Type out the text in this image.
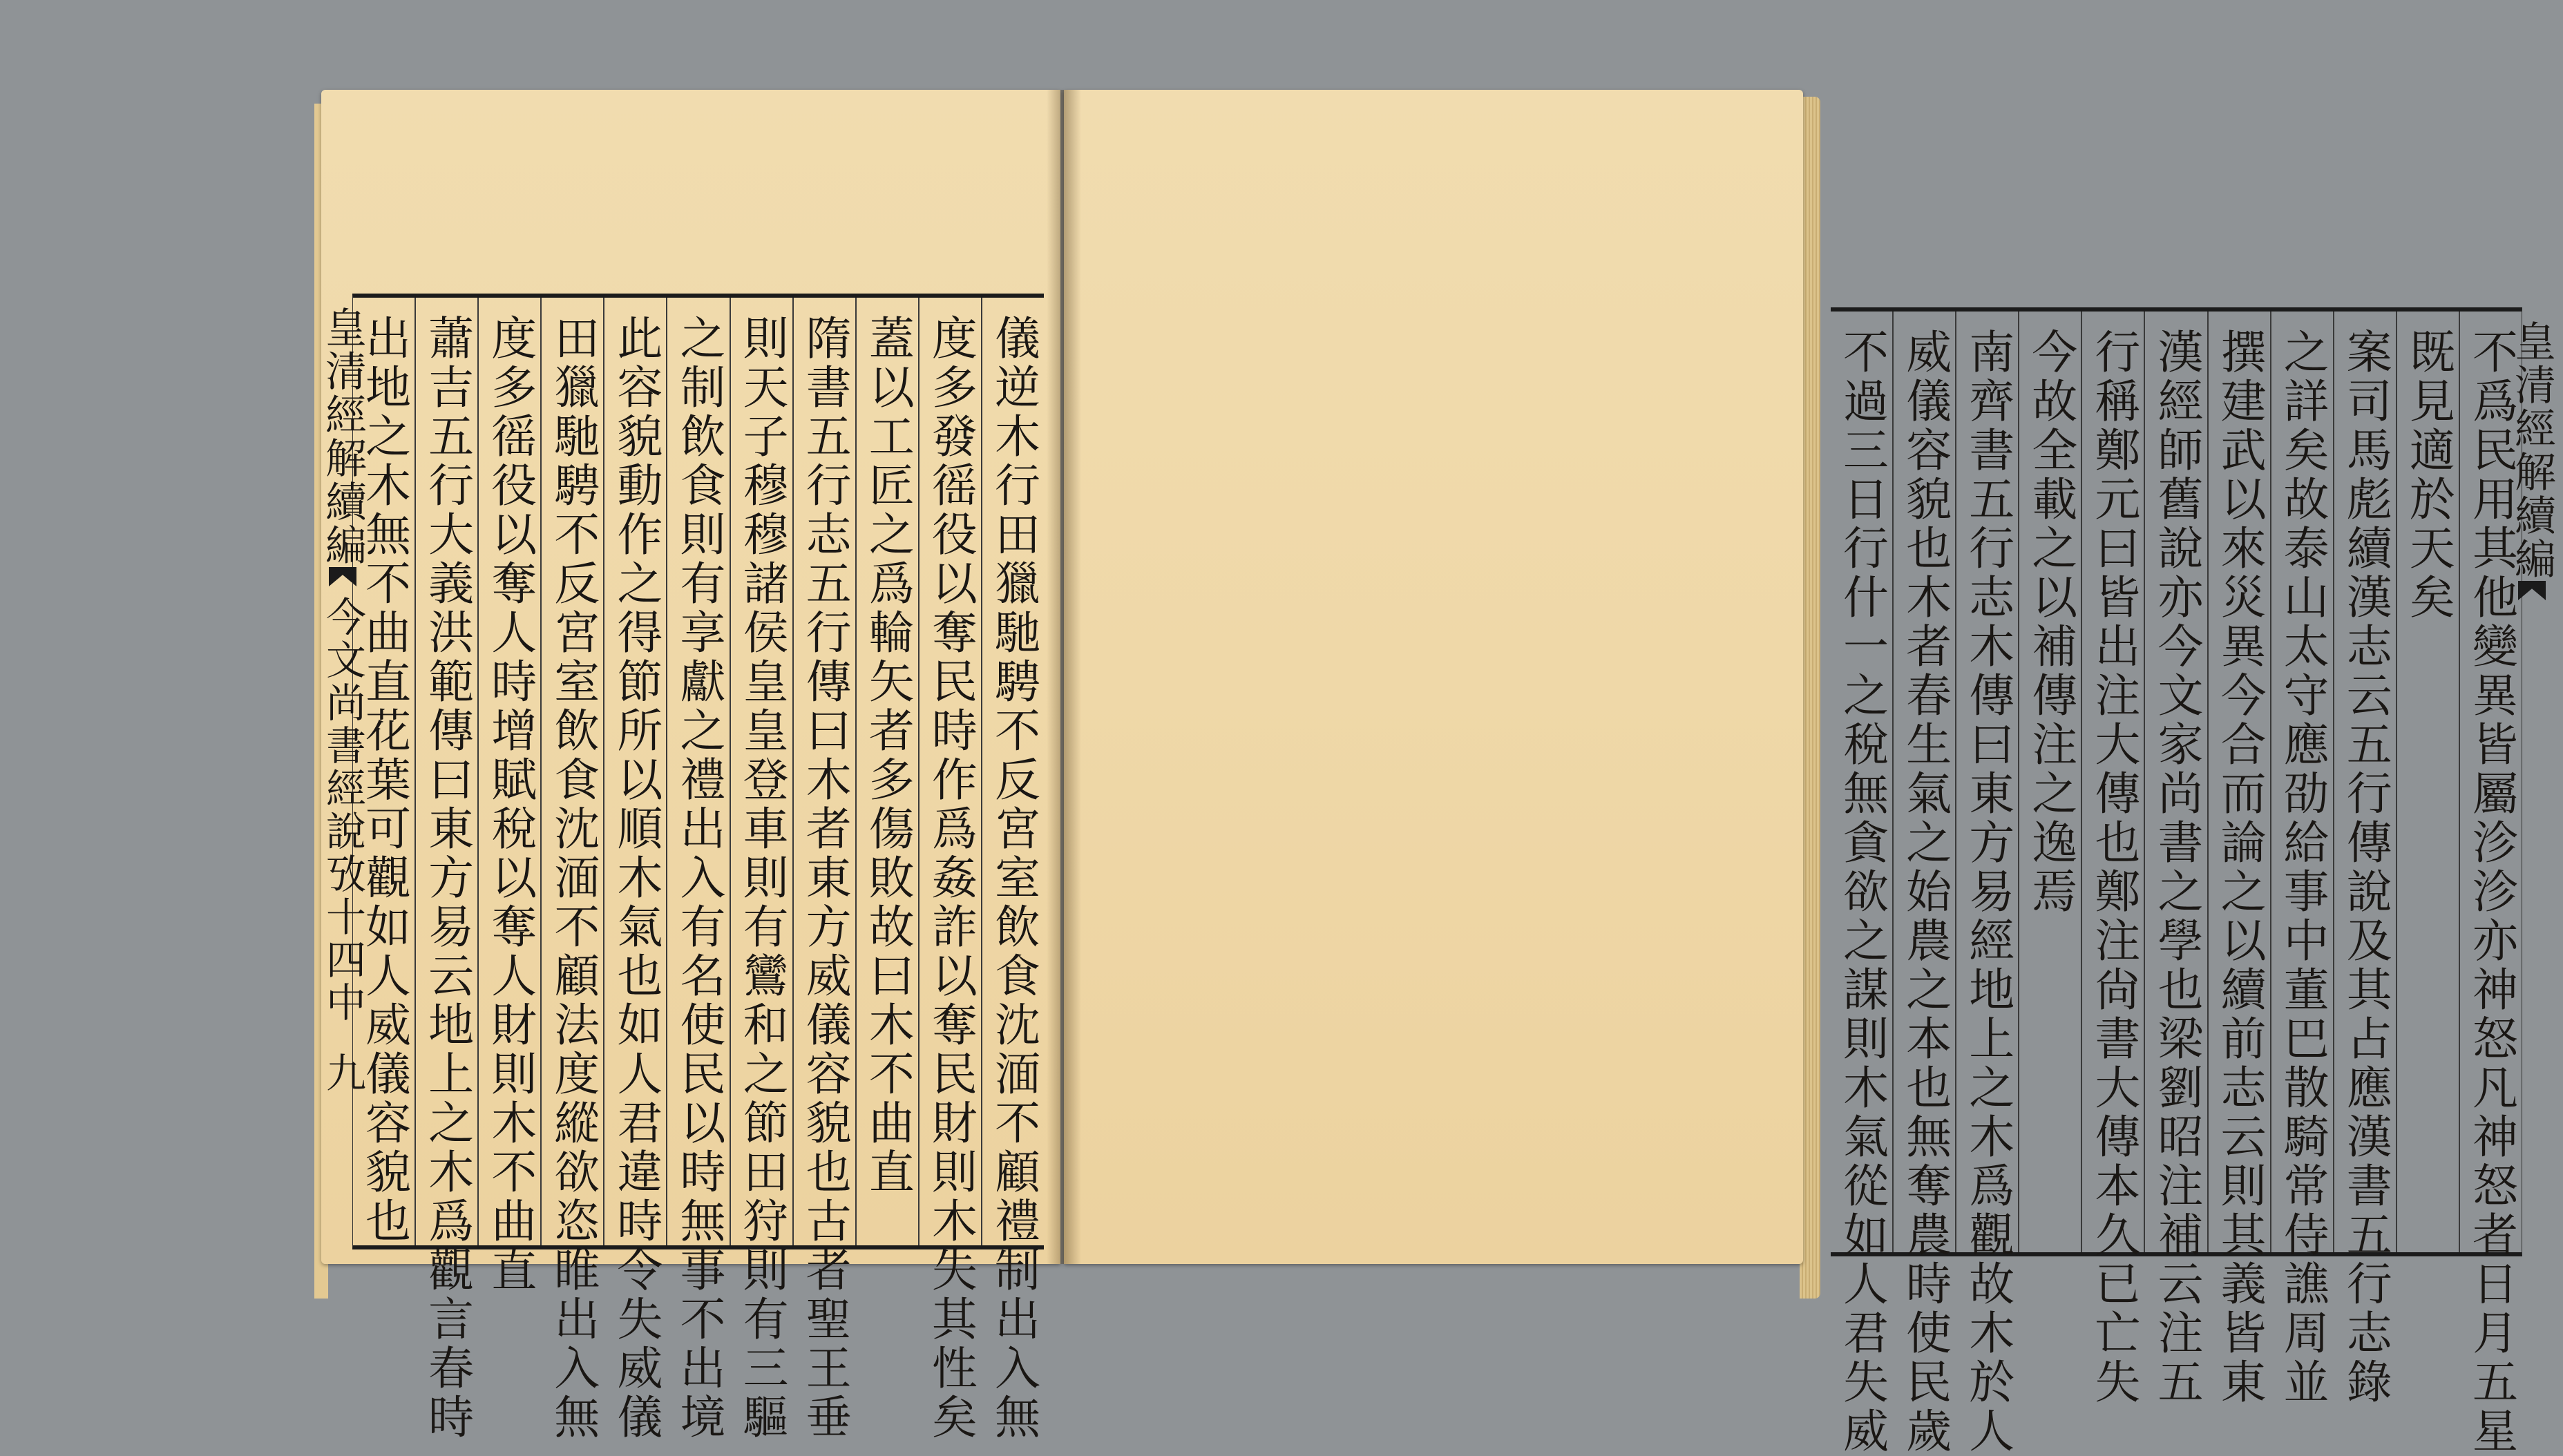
儀逆木行田獵馳騁不反宮室飲食沈湎不顧禮制出入無
度多發徭役以奪民時作爲姦詐以奪民財則木失其性矣
蓋以工匠之爲輪矢者多傷敗故曰木不曲直
隋書五行志五行傳曰木者東方威儀容貌也古者聖王垂
則天子穆穆諸侯皇皇登車則有鸞和之節田狩則有三驅
之制飲食則有享獻之禮出入有名使民以時無事不出境
此容貌動作之得節所以順木氣也如人君違時令失威儀
田獵馳騁不反宮室飲食沈湎不顧法度縱欲恣睢出入無
度多徭役以奪人時增賦稅以奪人財則木不曲直
蕭吉五行大義洪範傳曰東方易云地上之木爲觀言春時
出地之木無不曲直花葉可觀如人威儀容貌也
皇清經解續編
今文尚書經說攷十四中
九	不爲民用其他變異皆屬沴沴亦神怒凡神怒者日月五星
既見適於天矣
案司馬彪續漢志云五行傳說及其占應漢書五行志錄
之詳矣故泰山太守應劭給事中董巴散騎常侍譙周並
撰建武以來災異今合而論之以續前志云則其義皆東
漢經師舊說亦今文家尚書之學也梁劉昭注補云注五
行稱鄭元曰皆出注大傳也鄭注尙書大傳本久已亡失
今故全載之以補傳注之逸焉
南齊書五行志木傳曰東方易經地上之木爲觀故木於人
威儀容貌也木者春生氣之始農之本也無奪農時使民歲
不過三日行什一之稅無貪欲之謀則木氣從如人君失威	皇清經解續編
